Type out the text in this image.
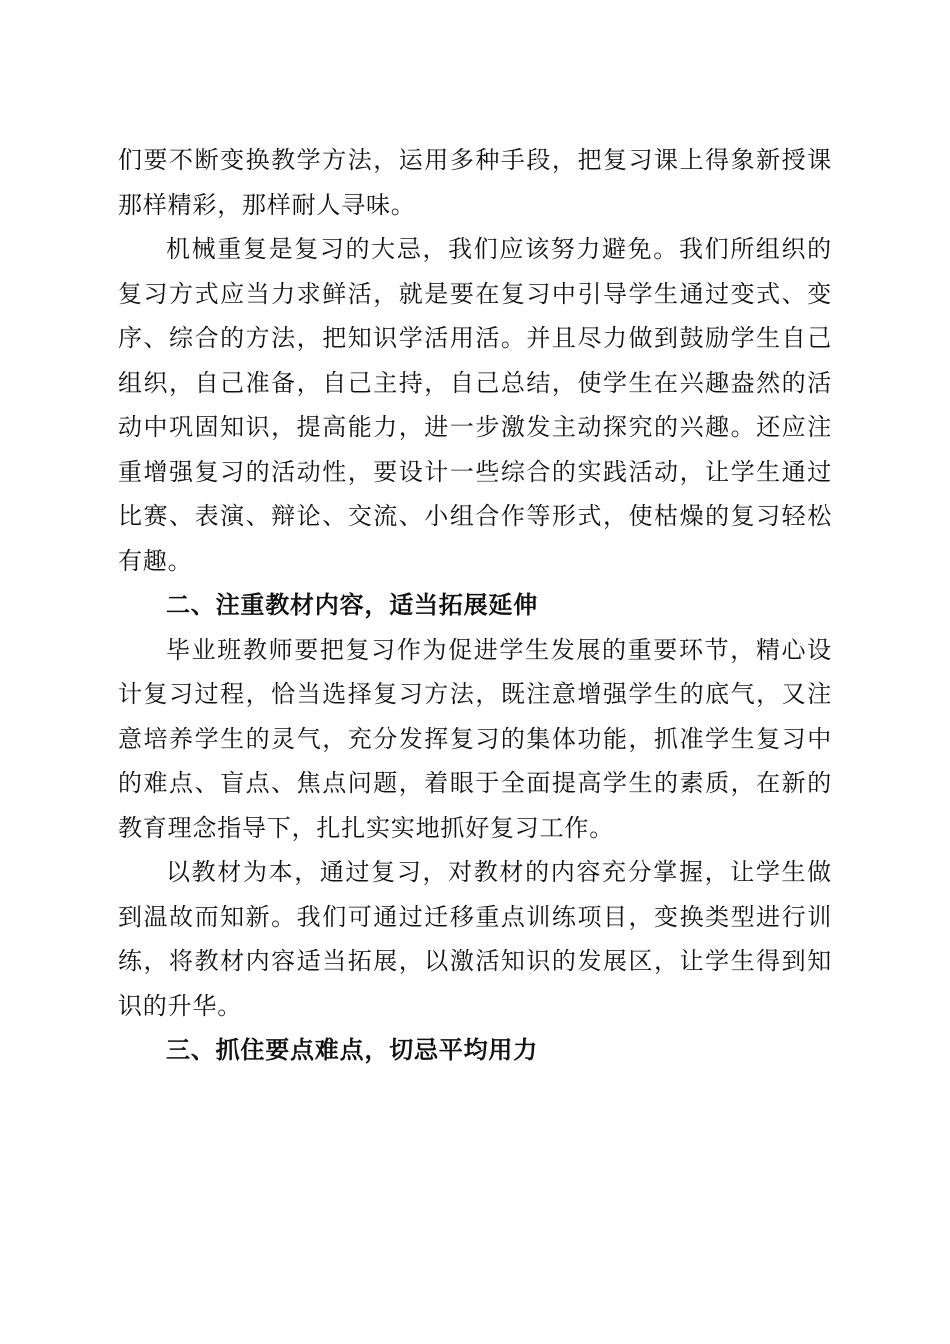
们要不断变换教学方法，运用多种手段，把复习课上得象新授课那样精彩，那样耐人寻味。

机械重复是复习的大忌，我们应该努力避免。我们所组织的复习方式应当力求鲜活，就是要在复习中引导学生通过变式、变序、综合的方法，把知识学活用活。并且尽力做到鼓励学生自己组织，自己准备，自己主持，自己总结，使学生在兴趣盎然的活动中巩固知识，提高能力，进一步激发主动探究的兴趣。还应注重增强复习的活动性，要设计一些综合的实践活动，让学生通过比赛、表演、辩论、交流、小组合作等形式，使枯燥的复习轻松有趣。

二、注重教材内容，适当拓展延伸

毕业班教师要把复习作为促进学生发展的重要环节，精心设计复习过程，恰当选择复习方法，既注意增强学生的底气，又注意培养学生的灵气，充分发挥复习的集体功能，抓准学生复习中的难点、盲点、焦点问题，着眼于全面提高学生的素质，在新的教育理念指导下，扎扎实实地抓好复习工作。

以教材为本，通过复习，对教材的内容充分掌握，让学生做到温故而知新。我们可通过迁移重点训练项目，变换类型进行训练，将教材内容适当拓展，以激活知识的发展区，让学生得到知识的升华。

三、抓住要点难点，切忌平均用力
